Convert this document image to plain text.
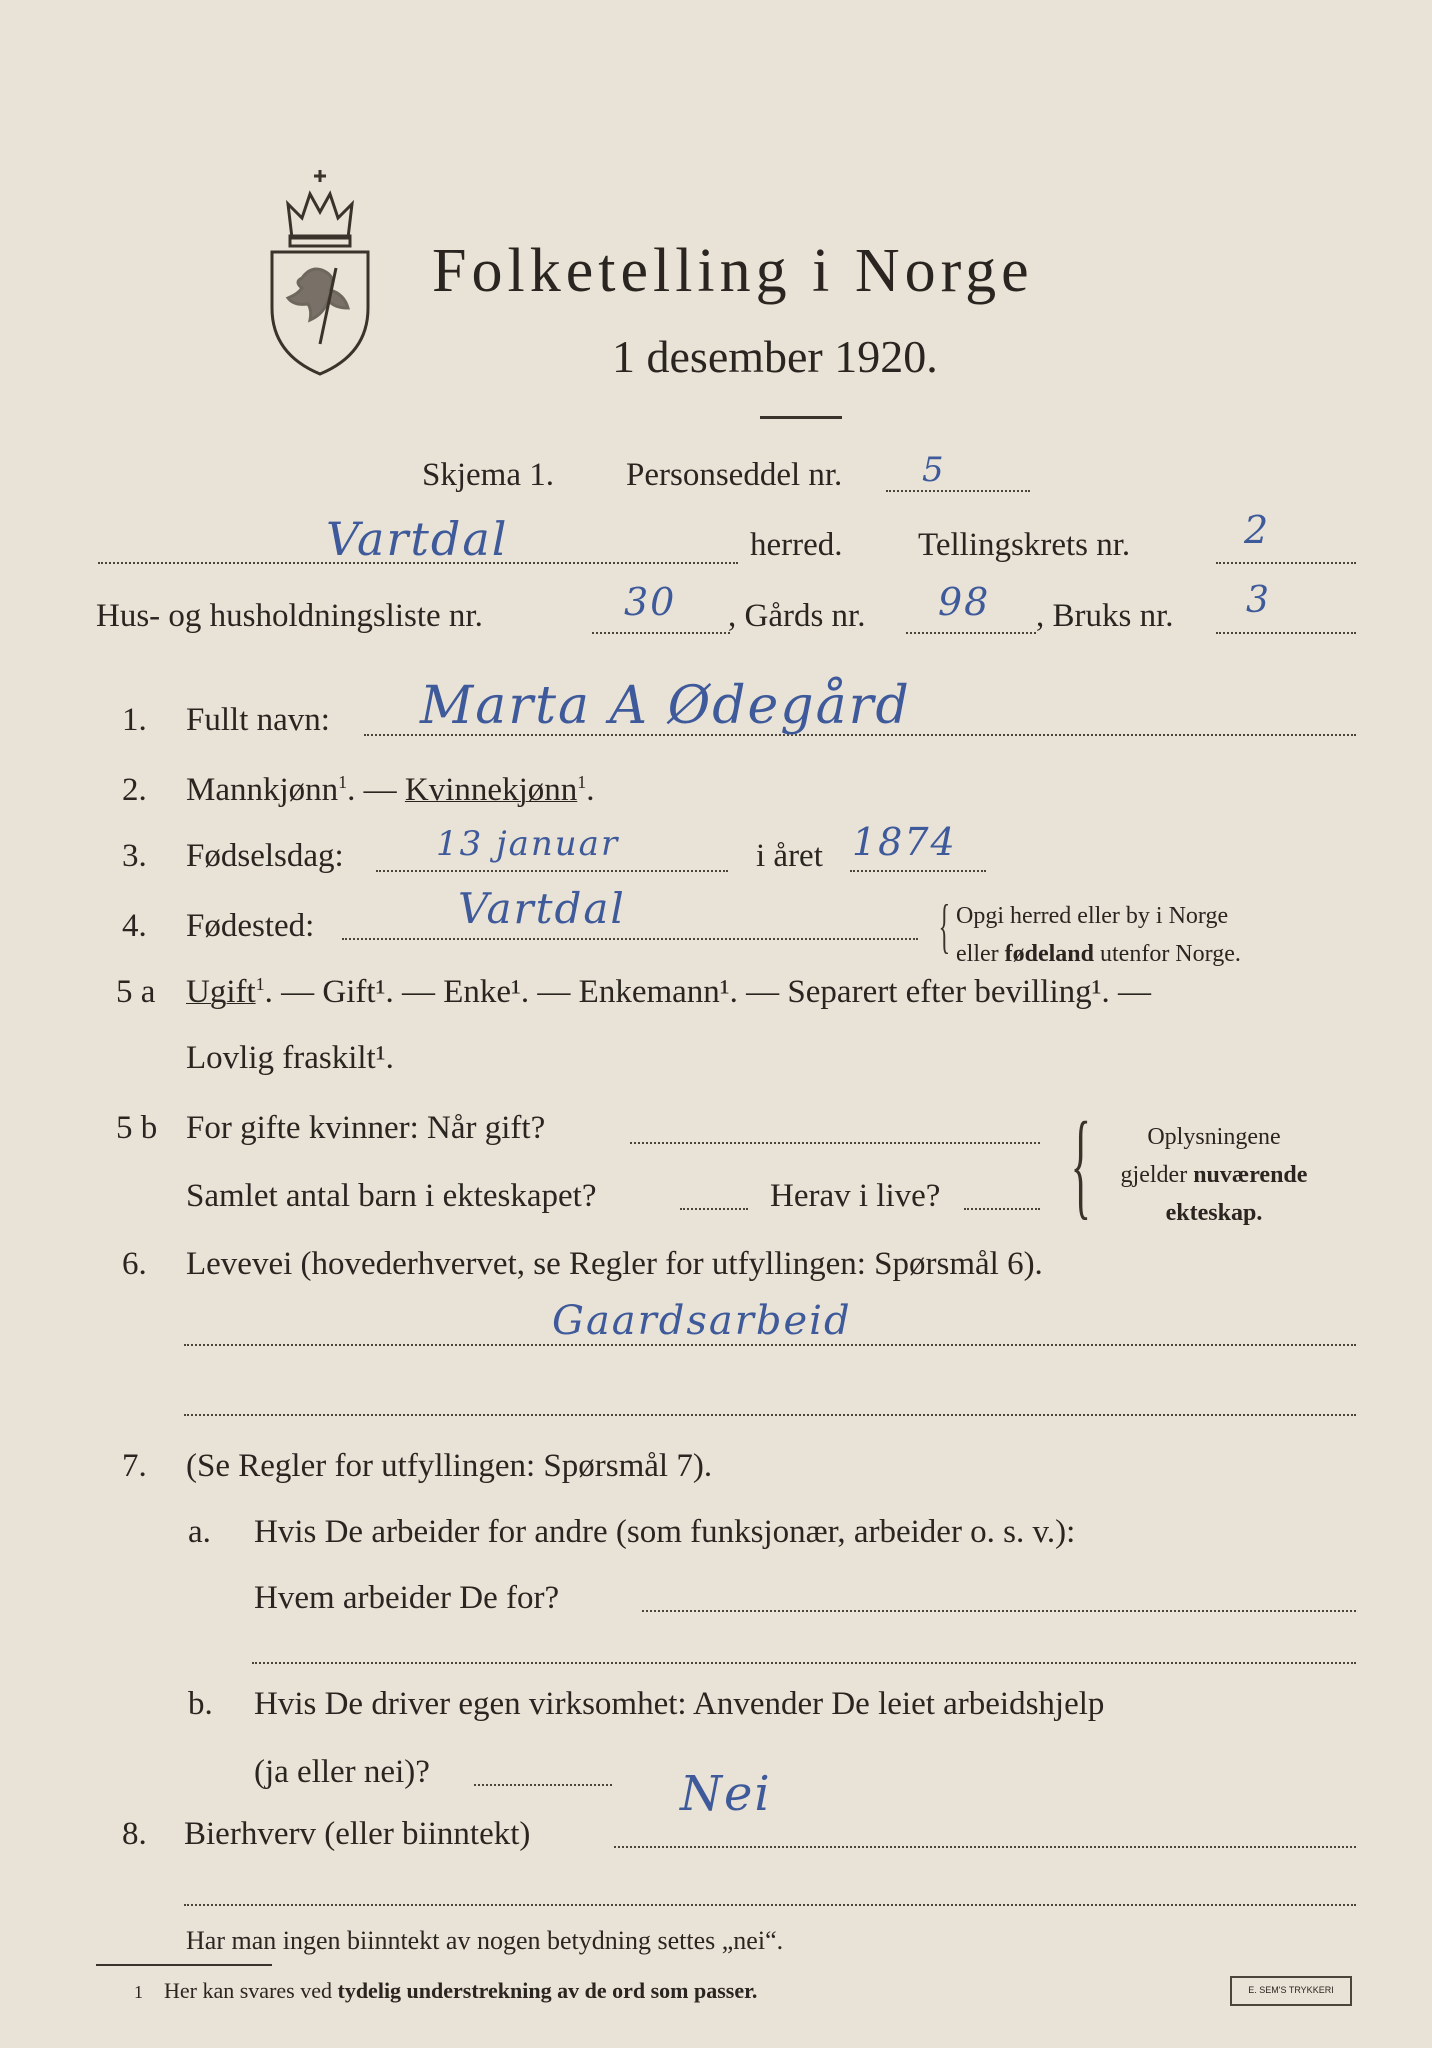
Folketelling i Norge
1 desember 1920.
Skjema 1. Personseddel nr. 5
Vartdal	herred. Tellingskrets nr.	2
Hus- og husholdningsliste nr.	30 , Gårds nr. 98 , Bruks nr. 3
1. Fullt navn: Marta A Ødegård
2. Mannkjønn$^1$. — Kvinnekjønn$^1$.
3. Fødselsdag:	13 januar	i året 1874
4. Fødested:	Vartdal	{ Opgi herred eller by i Norge
eller fødeland utenfor Norge.
5 a Ugift$^1$. — Gift¹. — Enke¹. — Enkemann¹. — Separert efter bevilling¹. —
Lovlig fraskilt¹.
5 b For gifte kvinner: Når gift?
Samlet antal barn i ekteskapet?	Herav i live? {	Oplysningene
gjelder nuværende
ekteskap.
6. Levevei (hovederhvervet, se Regler for utfyllingen: Spørsmål 6).
Gaardsarbeid
7. (Se Regler for utfyllingen: Spørsmål 7).
a. Hvis De arbeider for andre (som funksjonær, arbeider o. s. v.):
Hvem arbeider De for?
b. Hvis De driver egen virksomhet: Anvender De leiet arbeidshjelp
(ja eller nei)?
8. Bierhverv (eller biinntekt)
Nei
Har man ingen biinntekt av nogen betydning settes „nei“.
1 Her kan svares ved tydelig understrekning av de ord som passer.	E. SEM'S TRYKKERI
